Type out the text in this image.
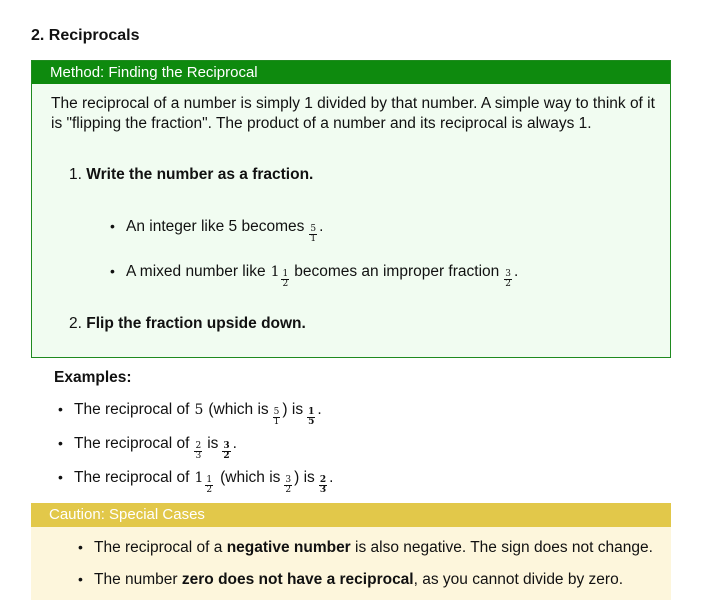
2. Reciprocals
Method: Finding the Reciprocal
The reciprocal of a number is simply 1 divided by that number. A simple way to think of it is "flipping the fraction". The product of a number and its reciprocal is always 1.
1. Write the number as a fraction.
• An integer like 5 becomes $\frac{5}{1}$ .
• A mixed number like $1 \frac{1}{2}$ becomes an improper fraction $\frac{3}{2}$ .
2. Flip the fraction upside down.
Examples:
• The reciprocal of 5 (which is $\frac{5}{1}$ ) is $\frac{1}{5}$ .
• The reciprocal of $\frac{2}{3}$ is $\frac{3}{2}$ .
• The reciprocal of $1 \frac{1}{2}$ (which is $\frac{3}{2}$ ) is $\frac{2}{3}$ .
Caution: Special Cases
• The reciprocal of a
negative number
is also negative. The sign does not change.
• The number
zero does not have a reciprocal , as you cannot divide by zero.
